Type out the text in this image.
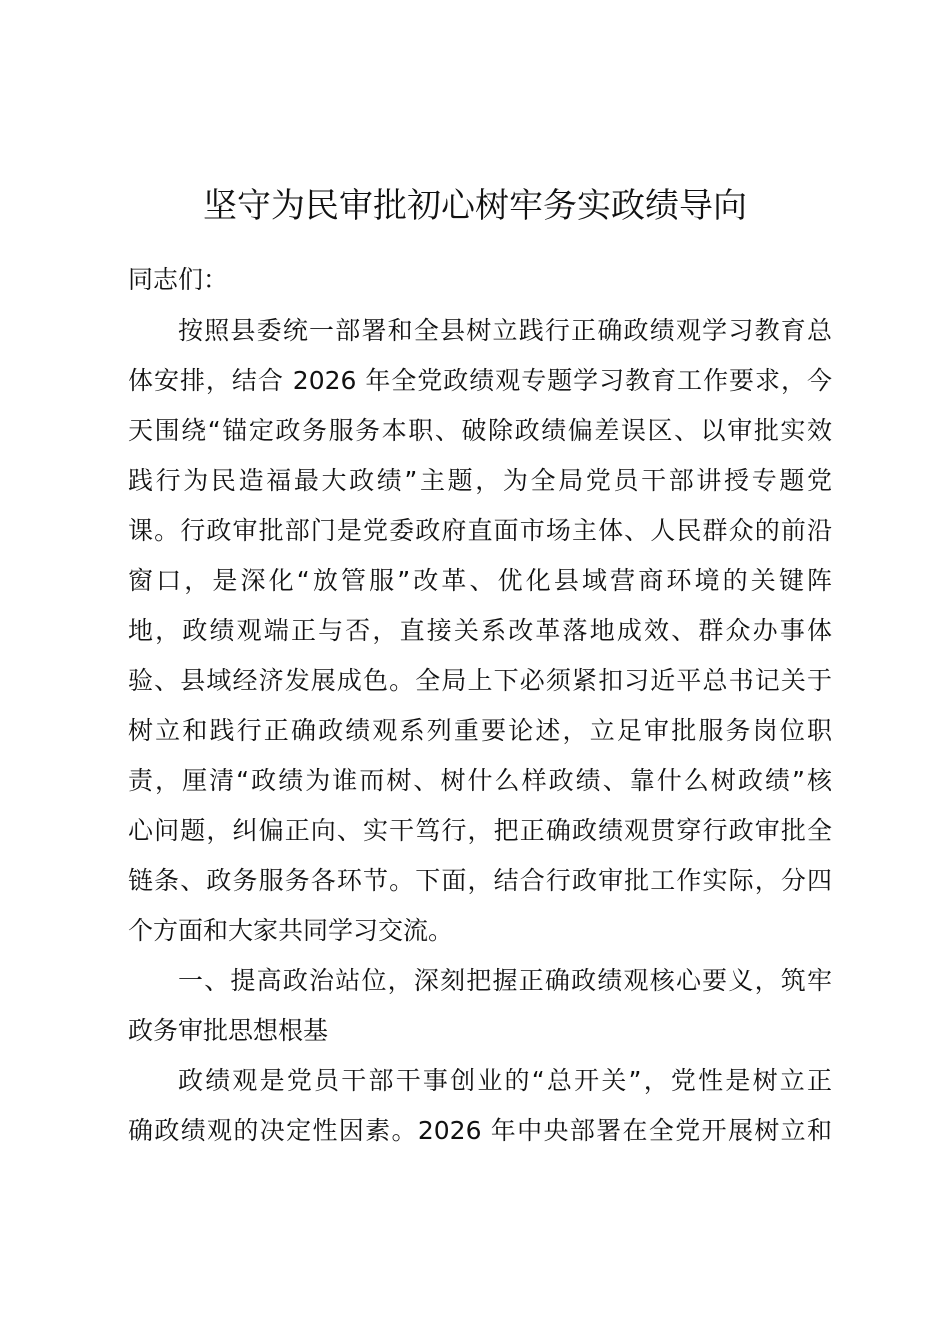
坚守为民审批初心树牢务实政绩导向

同志们：

按照县委统一部署和全县树立践行正确政绩观学习教育总
体安排，结合 2026 年全党政绩观专题学习教育工作要求，今
天围绕“锚定政务服务本职、破除政绩偏差误区、以审批实效
践行为民造福最大政绩”主题，为全局党员干部讲授专题党
课。行政审批部门是党委政府直面市场主体、人民群众的前沿
窗口，是深化“放管服”改革、优化县域营商环境的关键阵
地，政绩观端正与否，直接关系改革落地成效、群众办事体
验、县域经济发展成色。全局上下必须紧扣习近平总书记关于
树立和践行正确政绩观系列重要论述，立足审批服务岗位职
责，厘清“政绩为谁而树、树什么样政绩、靠什么树政绩”核
心问题，纠偏正向、实干笃行，把正确政绩观贯穿行政审批全
链条、政务服务各环节。下面，结合行政审批工作实际，分四
个方面和大家共同学习交流。
一、提高政治站位，深刻把握正确政绩观核心要义，筑牢
政务审批思想根基
政绩观是党员干部干事创业的“总开关”，党性是树立正
确政绩观的决定性因素。2026 年中央部署在全党开展树立和
